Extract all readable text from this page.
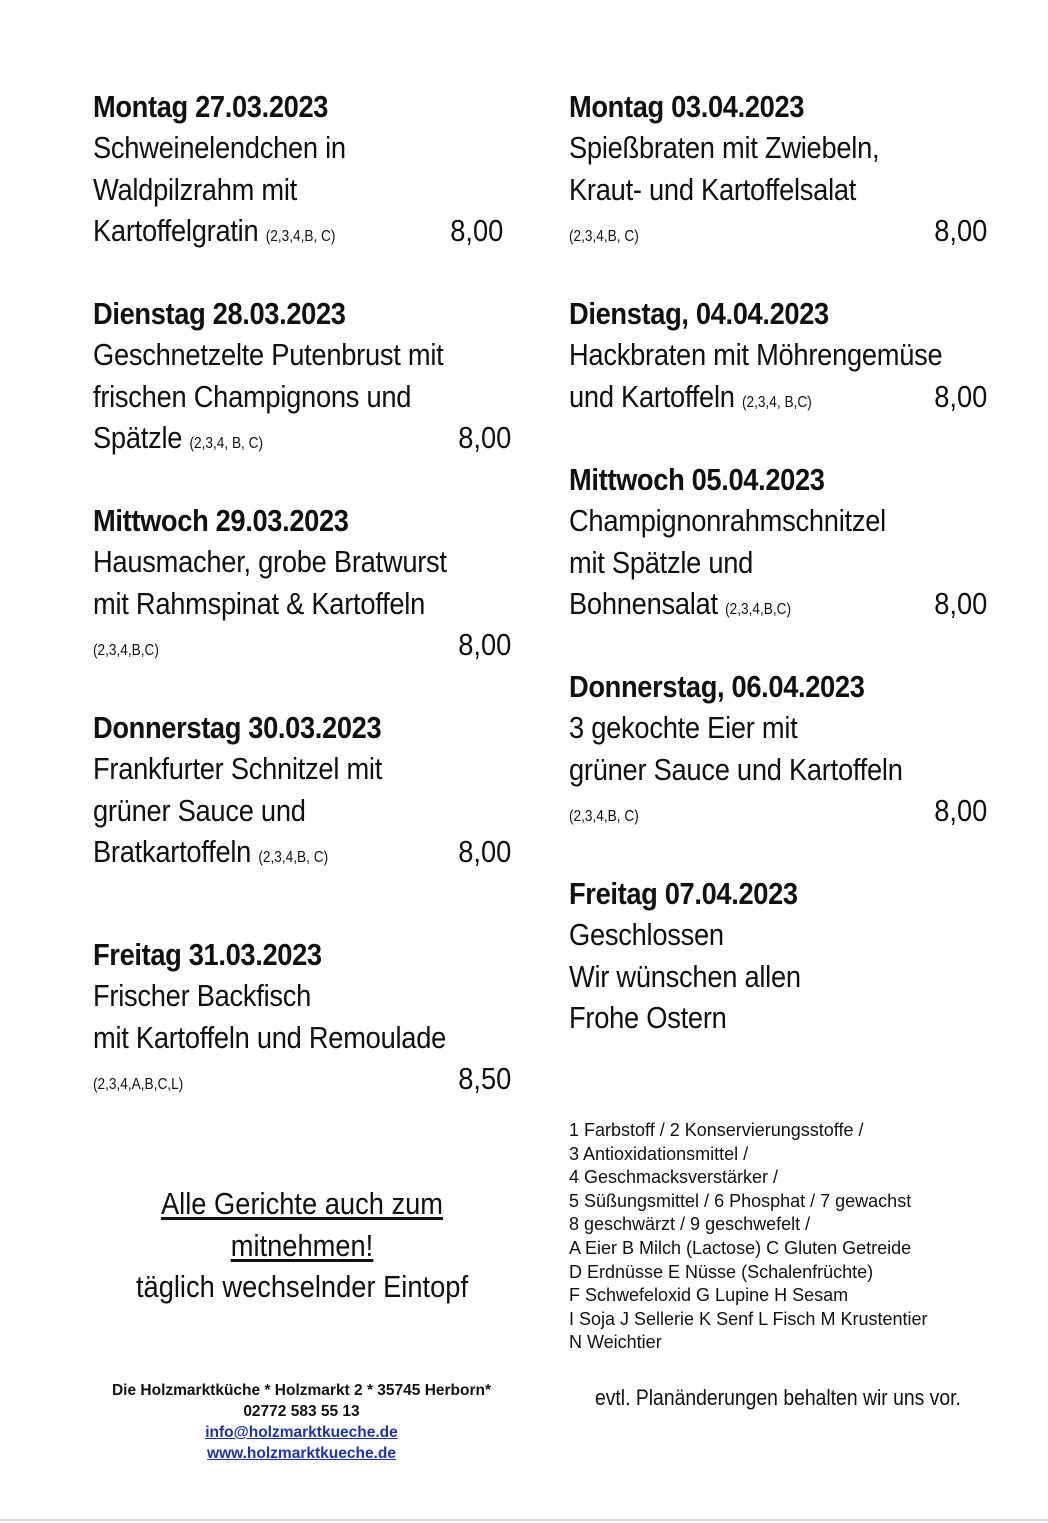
Montag 27.03.2023
Schweinelendchen in
Waldpilzrahm mit
Kartoffelgratin (2,3,4,B, C)	8,00
Dienstag 28.03.2023
Geschnetzelte Putenbrust mit
frischen Champignons und
Spätzle (2,3,4, B, C)	8,00
Mittwoch 29.03.2023
Hausmacher, grobe Bratwurst
mit Rahmspinat & Kartoffeln
(2,3,4,B,C)	8,00
Donnerstag 30.03.2023
Frankfurter Schnitzel mit
grüner Sauce und
Bratkartoffeln (2,3,4,B, C)	8,00
Freitag 31.03.2023
Frischer Backfisch
mit Kartoffeln und Remoulade
(2,3,4,A,B,C,L)	8,50
Montag 03.04.2023
Spießbraten mit Zwiebeln,
Kraut- und Kartoffelsalat
(2,3,4,B, C)	8,00
Dienstag, 04.04.2023
Hackbraten mit Möhrengemüse
und Kartoffeln (2,3,4, B,C)	8,00
Mittwoch 05.04.2023
Champignonrahmschnitzel
mit Spätzle und
Bohnensalat (2,3,4,B,C)	8,00
Donnerstag, 06.04.2023
3 gekochte Eier mit
grüner Sauce und Kartoffeln
(2,3,4,B, C)	8,00
Freitag 07.04.2023
Geschlossen
Wir wünschen allen
Frohe Ostern
1 Farbstoff / 2 Konservierungsstoffe /
3 Antioxidationsmittel /
4 Geschmacksverstärker /
5 Süßungsmittel / 6 Phosphat / 7 gewachst
8 geschwärzt / 9 geschwefelt /
A Eier B Milch (Lactose) C Gluten Getreide
D Erdnüsse E Nüsse (Schalenfrüchte)
F Schwefeloxid G Lupine H Sesam
I Soja J Sellerie K Senf L Fisch M Krustentier
N Weichtier
Alle Gerichte auch zum
mitnehmen!
täglich wechselnder Eintopf
Die Holzmarktküche * Holzmarkt 2 * 35745 Herborn*
02772 583 55 13
info@holzmarktkueche.de
www.holzmarktkueche.de
evtl. Planänderungen behalten wir uns vor.
